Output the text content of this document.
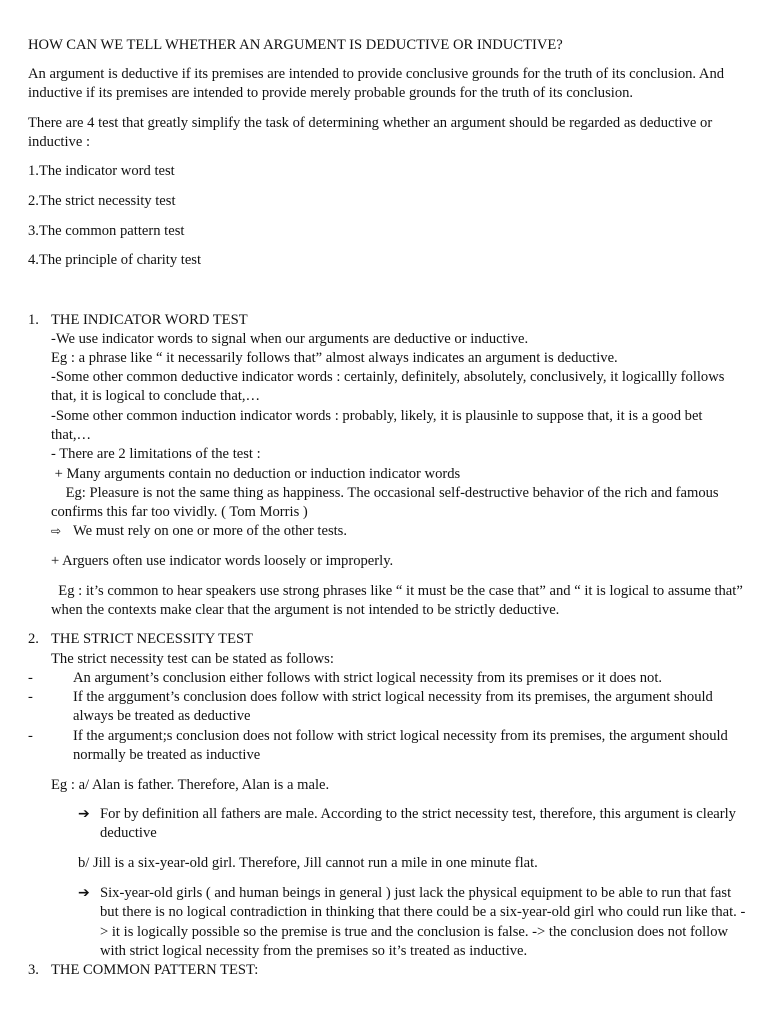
HOW CAN WE TELL WHETHER AN ARGUMENT IS DEDUCTIVE OR INDUCTIVE?

An argument is deductive if its premises are intended to provide conclusive grounds for the truth of its conclusion. And inductive if its premises are intended to provide merely probable grounds for the truth of its conclusion.

There are 4 test that greatly simplify the task of determining whether an argument should be regarded as deductive or inductive :

1.The indicator word test

2.The strict necessity test

3.The common pattern test

4.The principle of charity test

1. THE INDICATOR WORD TEST

-We use indicator words to signal when our arguments are deductive or inductive.

Eg : a phrase like “ it necessarily follows that” almost always indicates an argument is deductive.

-Some other common deductive indicator words : certainly, definitely, absolutely, conclusively, it logicallly follows that, it is logical to conclude that,…

-Some other common induction indicator words : probably, likely, it is plausinle to suppose that, it is a good bet that,…

- There are 2 limitations of the test :

+ Many arguments contain no deduction or induction indicator words

Eg: Pleasure is not the same thing as happiness. The occasional self-destructive behavior of the rich and famous confirms this far too vividly. ( Tom Morris )

⇨ We must rely on one or more of the other tests.

+ Arguers often use indicator words loosely or improperly.

Eg : it’s common to hear speakers use strong phrases like “ it must be the case that” and “ it is logical to assume that” when the contexts make clear that the argument is not intended to be strictly deductive.

2. THE STRICT NECESSITY TEST

The strict necessity test can be stated as follows:

-	An argument’s conclusion either follows with strict logical necessity from its premises or it does not.

-	If the arggument’s conclusion does follow with strict logical necessity from its premises, the argument should always be treated as deductive

-	If the argument;s conclusion does not follow with strict logical necessity from its premises, the argument should normally be treated as inductive

Eg : a/ Alan is father. Therefore, Alan is a male.

➔ For by definition all fathers are male. According to the strict necessity test, therefore, this argument is clearly deductive

b/ Jill is a six-year-old girl. Therefore, Jill cannot run a mile in one minute flat.

➔ Six-year-old girls ( and human beings in general ) just lack the physical equipment to be able to run that fast but there is no logical contradiction in thinking that there could be a six-year-old girl who could run like that. -> it is logically possible so the premise is true and the conclusion is false. -> the conclusion does not follow with strict logical necessity from the premises so it’s treated as inductive.

3. THE COMMON PATTERN TEST:
